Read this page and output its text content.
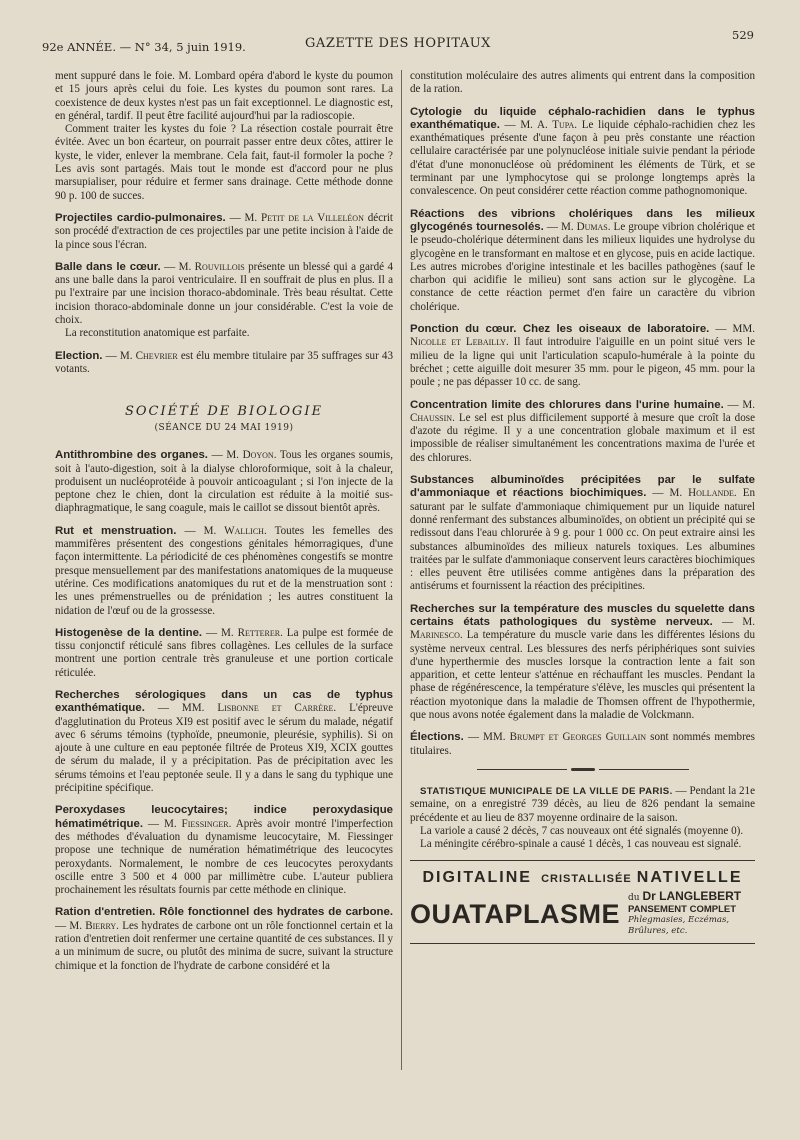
92e ANNÉE. — N° 34, 5 juin 1919.	GAZETTE DES HOPITAUX
529

ment suppuré dans le foie. M. Lombard opéra d'abord le kyste du poumon et 15 jours après celui du foie. Les kystes du poumon sont rares. La coexistence de deux kystes n'est pas un fait exceptionnel. Le diagnostic est, en général, tardif. Il peut être facilité aujourd'hui par la radioscopie.

Comment traiter les kystes du foie ? La résection costale pourrait être évitée. Avec un bon écarteur, on pourrait passer entre deux côtes, attirer le kyste, le vider, enlever la membrane. Cela fait, faut-il formoler la poche ? Les avis sont partagés. Mais tout le monde est d'accord pour ne plus marsupialiser, pour réduire et fermer sans drainage. Cette méthode donne 90 p. 100 de succes.

Projectiles cardio-pulmonaires. — M. Petit de la Villeléon décrit son procédé d'extraction de ces projectiles par une petite incision à l'aide de la pince sous l'écran.

Balle dans le cœur. — M. Rouvillois présente un blessé qui a gardé 4 ans une balle dans la paroi ventriculaire. Il en souffrait de plus en plus. Il a pu l'extraire par une incision thoraco-abdominale. Très beau résultat. Cette incision thoraco-abdominale donne un jour considérable. C'est la voie de choix.

La reconstitution anatomique est parfaite.

Election. — M. Chevrier est élu membre titulaire par 35 suffrages sur 43 votants.

SOCIÉTÉ DE BIOLOGIE
(SÉANCE DU 24 MAI 1919)

Antithrombine des organes. — M. Doyon. Tous les organes soumis, soit à l'auto-digestion, soit à la dialyse chloroformique, soit à la chaleur, produisent un nucléoprotéide à pouvoir anticoagulant ; si l'on injecte de la peptone chez le chien, dont la circulation est réduite à la moitié sus-diaphragmatique, le sang coagule, mais le caillot se dissout bientôt après.

Rut et menstruation. — M. Wallich. Toutes les femelles des mammifères présentent des congestions génitales hémorragiques, d'une façon intermittente. La périodicité de ces phénomènes congestifs se montre presque mensuellement par des manifestations anatomiques de la muqueuse utérine. Ces modifications anatomiques du rut et de la menstruation sont : les unes prémenstruelles ou de prénidation ; les autres constituent la nidation de l'œuf ou de la grossesse.

Histogenèse de la dentine. — M. Retterer. La pulpe est formée de tissu conjonctif réticulé sans fibres collagènes. Les cellules de la surface montrent une portion centrale très granuleuse et une portion corticale réticulée.

Recherches sérologiques dans un cas de typhus exanthématique. — MM. Lisbonne et Carrère. L'épreuve d'agglutination du Proteus XI9 est positif avec le sérum du malade, négatif avec 6 sérums témoins (typhoïde, pneumonie, pleurésie, syphilis). Si on ajoute à une culture en eau peptonée filtrée de Proteus XI9, XCIX gouttes de sérum du malade, il y a précipitation. Pas de précipitation avec les sérums témoins et l'eau peptonée seule. Il y a dans le sang du typhique une précipitine spécifique.

Peroxydases leucocytaires; indice peroxydasique hématimétrique. — M. Fiessinger. Après avoir montré l'imperfection des méthodes d'évaluation du dynamisme leucocytaire, M. Fiessinger propose une technique de numération hématimétrique des leucocytes peroxydants. Normalement, le nombre de ces leucocytes peroxydants oscille entre 3 500 et 4 000 par millimètre cube. L'auteur publiera prochainement les résultats fournis par cette méthode en clinique.

Ration d'entretien. Rôle fonctionnel des hydrates de carbone. — M. Bierry. Les hydrates de carbone ont un rôle fonctionnel certain et la ration d'entretien doit renfermer une certaine quantité de ces substances. Il y a un minimum de sucre, ou plutôt des minima de sucre, suivant la structure chimique et la fonction de l'hydrate de carbone considéré et la

constitution moléculaire des autres aliments qui entrent dans la composition de la ration.

Cytologie du liquide céphalo-rachidien dans le typhus exanthématique. — M. A. Tupa. Le liquide céphalo-rachidien chez les exanthématiques présente d'une façon à peu près constante une réaction cellulaire caractérisée par une polynucléose initiale suivie pendant la période d'état d'une mononucléose où prédominent les éléments de Türk, et se terminant par une lymphocytose qui se prolonge longtemps après la convalescence. On peut considérer cette réaction comme pathognomonique.

Réactions des vibrions cholériques dans les milieux glycogénés tournesolés. — M. Dumas. Le groupe vibrion cholérique et le pseudo-cholérique déterminent dans les milieux liquides une hydrolyse du glycogène en le transformant en maltose et en glycose, puis en acide lactique. Les autres microbes d'origine intestinale et les bacilles pathogènes (sauf le charbon qui acidifie le milieu) sont sans action sur le glycogène. La constance de cette réaction permet d'en faire un caractère du vibrion cholérique.

Ponction du cœur. Chez les oiseaux de laboratoire. — MM. Nicolle et Lebailly. Il faut introduire l'aiguille en un point situé vers le milieu de la ligne qui unit l'articulation scapulo-humérale à la pointe du bréchet ; cette aiguille doit mesurer 35 mm. pour le pigeon, 45 mm. pour la poule ; ne pas dépasser 10 cc. de sang.

Concentration limite des chlorures dans l'urine humaine. — M. Chaussin. Le sel est plus difficilement supporté à mesure que croît la dose d'azote du régime. Il y a une concentration globale maximum et il est impossible de réaliser simultanément les concentrations maxima de l'urée et des chlorures.

Substances albuminoïdes précipitées par le sulfate d'ammoniaque et réactions biochimiques. — M. Hollande. En saturant par le sulfate d'ammoniaque chimiquement pur un liquide naturel donné renfermant des substances albuminoïdes, on obtient un précipité qui se redissout dans l'eau chlorurée à 9 g. pour 1 000 cc. On peut extraire ainsi les substances albuminoïdes des milieux naturels toxiques. Les albumines traitées par le sulfate d'ammoniaque conservent leurs caractères biochimiques : elles peuvent être utilisées comme antigènes dans la préparation des antisérums et fournissent la réaction des précipitines.

Recherches sur la température des muscles du squelette dans certains états pathologiques du système nerveux. — M. Marinesco. La température du muscle varie dans les différentes lésions du système nerveux central. Les blessures des nerfs périphériques sont suivies d'une hyperthermie des muscles lorsque la contraction lente a fait son apparition, et cette lenteur s'atténue en réchauffant les muscles. Pendant la phase de régénérescence, la température s'élève, les muscles qui présentent la réaction myotonique dans la maladie de Thomsen offrent de l'hypothermie, que nous avons notée également dans la maladie de Volckmann.

Élections. — MM. Brumpt et Georges Guillain sont nommés membres titulaires.

STATISTIQUE MUNICIPALE DE LA VILLE DE PARIS. — Pendant la 21e semaine, on a enregistré 739 décès, au lieu de 826 pendant la semaine précédente et au lieu de 837 moyenne ordinaire de la saison.

La variole a causé 2 décès, 7 cas nouveaux ont été signalés (moyenne 0).

La méningite cérébro-spinale a causé 1 décès, 1 cas nouveau est signalé.

DIGITALINE CRISTALLISÉE NATIVELLE
OUATAPLASME
du Dr LANGLEBERT
PANSEMENT COMPLET
Phlegmasies, Eczémas, Brûlures, etc.
